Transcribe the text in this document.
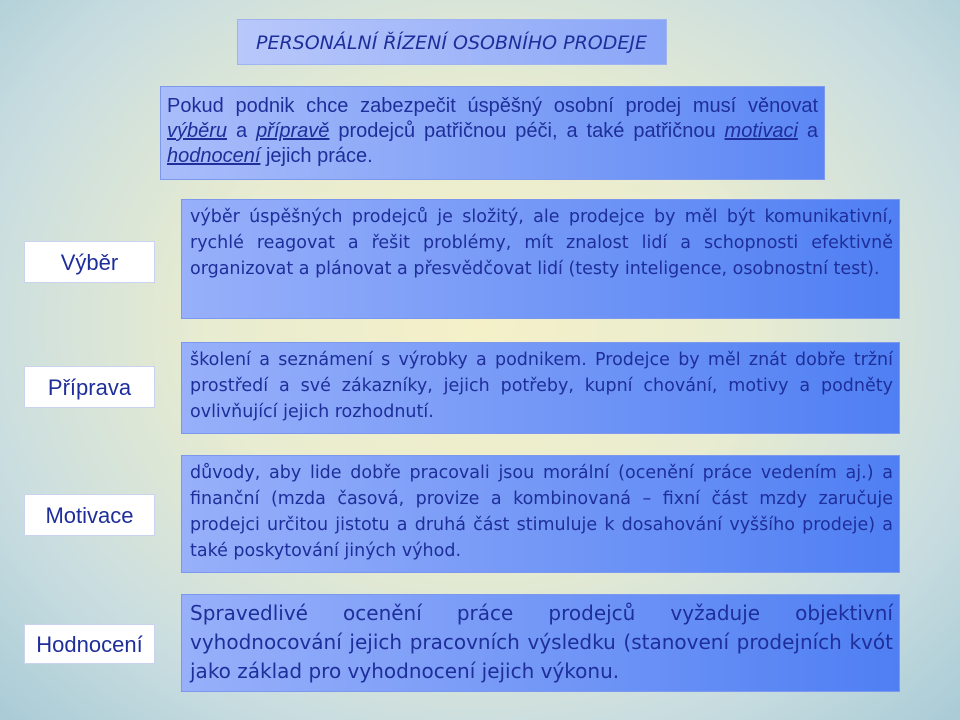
PERSONÁLNÍ ŘÍZENÍ OSOBNÍHO PRODEJE
Pokud podnik chce zabezpečit úspěšný osobní prodej musí věnovat výběru a přípravě prodejců patřičnou péči, a také patřičnou motivaci a hodnocení jejich práce.
Výběr
výběr úspěšných prodejců je složitý, ale prodejce by měl být komunikativní, rychlé reagovat a řešit problémy, mít znalost lidí a schopnosti efektivně organizovat a plánovat a přesvědčovat lidí (testy inteligence, osobnostní test).
Příprava
školení a seznámení s výrobky a podnikem. Prodejce by měl znát dobře tržní prostředí a své zákazníky, jejich potřeby, kupní chování, motivy a podněty ovlivňující jejich rozhodnutí.
Motivace
důvody, aby lide dobře pracovali jsou morální (ocenění práce vedením aj.) a finanční (mzda časová, provize a kombinovaná – fixní část mzdy zaručuje prodejci určitou jistotu a druhá část stimuluje k dosahování vyššího prodeje) a také poskytování jiných výhod.
Hodnocení
Spravedlivé ocenění práce prodejců vyžaduje objektivní vyhodnocování jejich pracovních výsledku (stanovení prodejních kvót jako základ pro vyhodnocení jejich výkonu.
